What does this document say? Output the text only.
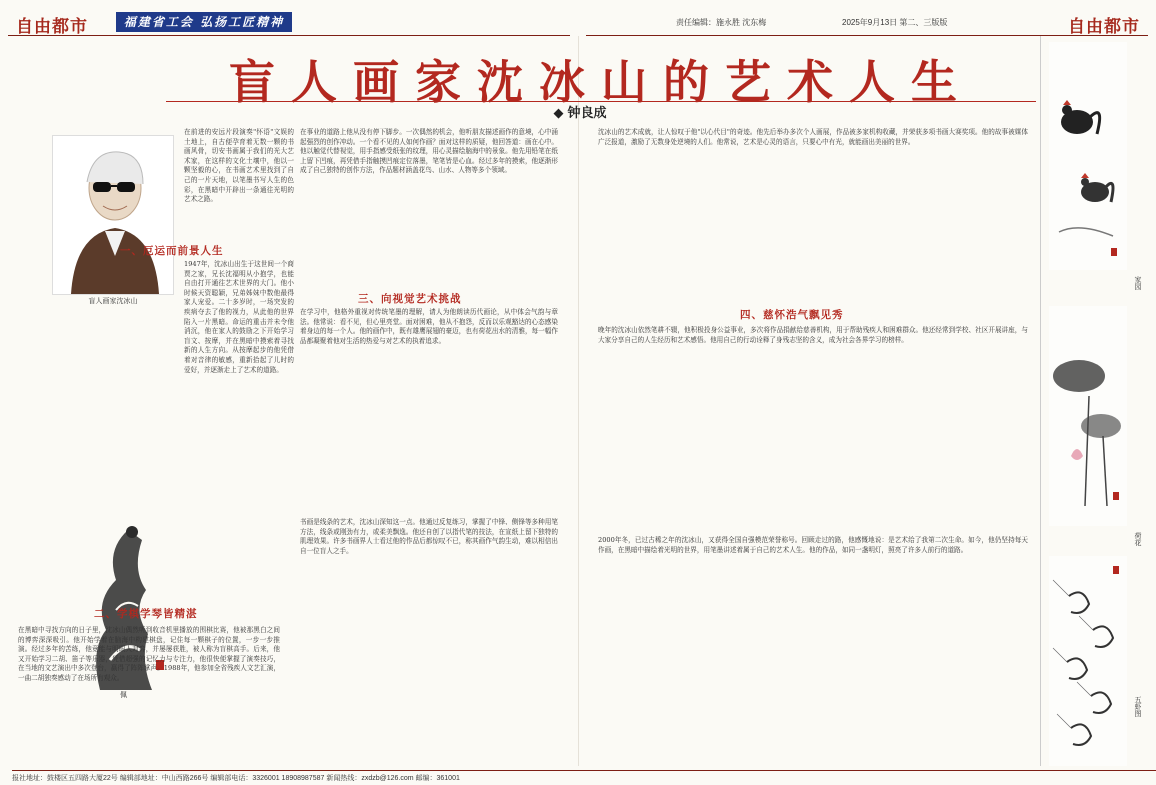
自由都市	福建省工会 弘扬工匠精神	责任编辑：施永胜 沈东梅	2025年9月13日 第二、三版版	自由都市
盲人画家沈冰山的艺术人生
◆ 钟良成
盲人画家沈冰山
佩
一、厄运而前景人生
二、学棋学琴皆精湛
三、向视觉艺术挑战
四、慈怀浩气飘见秀
在前进的安远片段演奏"怀语"文娱的土地上，自古便孕育着无数一颗的书画风骨，切安书画属于我们的光大艺术家，在这样的文化土壤中，他以一颗坚毅的心，在书画艺术里找到了自己的一片天地，以笔墨书写人生的色彩，在黑暗中开辟出一条通往光明的艺术之路。
1947年，沈冰山出生于这世间一个商贾之家，兄长沈福明从小抱学，也能自由打开通往艺术世界的大门。他小时候天资聪颖，兄弟姊妹中数他最得家人宠爱。二十多岁时，一场突发的疾病夺去了他的视力，从此他的世界陷入一片黑暗。命运的重击并未令他消沉，他在家人的鼓励之下开始学习盲文、按摩，并在黑暗中摸索着寻找新的人生方向。从按摩起步的他凭借着对音律的敏感，重新拾起了儿时的爱好，并逐渐走上了艺术的道路。
在黑暗中寻找方向的日子里，沈冰山偶然听到收音机里播放的围棋比赛，他被那黑白之间的博弈深深吸引。他开始学着在脑海中构建棋盘，记住每一颗棋子的位置，一步一步推演。经过多年的苦练，他竟能与明眼人对弈，并屡屡获胜，被人称为盲棋高手。后来，他又开始学习二胡、笛子等乐器，凭借超强的记忆力与专注力，他很快便掌握了演奏技巧，在当地的文艺演出中多次登台，赢得了阵阵掌声。1988年，他参加全省残疾人文艺汇演，一曲二胡独奏感动了在场所有观众。
在事业的道路上他从没有停下脚步。一次偶然的机会，他听朋友描述画作的意境，心中涌起强烈的创作冲动。一个看不见的人如何作画？面对这样的质疑，他回答道：画在心中。他以触觉代替视觉，用手指感受纸张的纹理，用心灵描绘脑海中的景象。他先用铅笔在纸上留下凹痕，再凭借手指触摸凹痕定位落墨，笔笔皆是心血。经过多年的摸索，他逐渐形成了自己独特的创作方法，作品题材涵盖花鸟、山水、人物等多个领域。
在学习中，他格外重视对传统笔墨的理解，请人为他朗读历代画论，从中体会气韵与章法。他常说：看不见，但心里亮堂。面对困难，他从不抱怨，反而以乐观豁达的心态感染着身边的每一个人。他的画作中，既有雄鹰展翅的豪迈，也有荷花出水的清雅，每一幅作品都凝聚着他对生活的热爱与对艺术的执着追求。
书画是线条的艺术，沈冰山深知这一点。他通过反复练习，掌握了中锋、侧锋等多种用笔方法，线条或刚劲有力，或柔美飘逸。他还自创了以指代笔的技法，在宣纸上留下独特的肌理效果。许多书画界人士看过他的作品后都惊叹不已，称其画作气韵生动，难以相信出自一位盲人之手。
沈冰山的艺术成就，让人惊叹于他"以心代目"的奇迹。他先后举办多次个人画展，作品被多家机构收藏，并荣获多项书画大赛奖项。他的故事被媒体广泛报道，激励了无数身处逆境的人们。他常说，艺术是心灵的语言，只要心中有光，就能画出美丽的世界。
晚年的沈冰山依然笔耕不辍，他积极投身公益事业，多次将作品捐献给慈善机构，用于帮助残疾人和困难群众。他还经常到学校、社区开展讲座，与大家分享自己的人生经历和艺术感悟。他用自己的行动诠释了身残志坚的含义，成为社会各界学习的榜样。
2000年冬，已过古稀之年的沈冰山，又获得全国自强模范荣誉称号。回顾走过的路，他感慨地说：是艺术给了我第二次生命。如今，他仍坚持每天作画，在黑暗中描绘着光明的世界，用笔墨讲述着属于自己的艺术人生。他的作品，如同一盏明灯，照亮了许多人前行的道路。
家园
荷花
五虾图
报社地址：鼓楼区五四路大厦22号 编辑部地址：中山西路266号 编辑部电话：3326001 18908987587 新闻热线：zxdzb@126.com 邮编：361001
